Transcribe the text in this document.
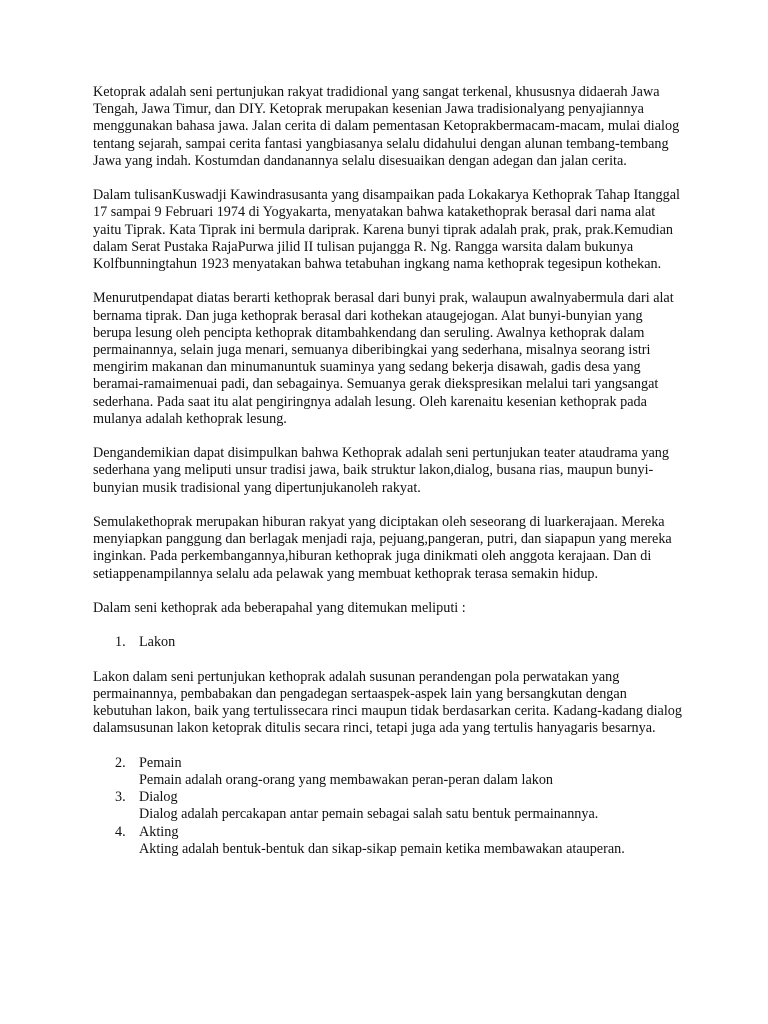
Ketoprak adalah seni pertunjukan rakyat tradidional yang sangat terkenal, khususnya didaerah Jawa Tengah, Jawa Timur, dan DIY. Ketoprak merupakan kesenian Jawa tradisionalyang penyajiannya menggunakan bahasa jawa. Jalan cerita di dalam pementasan Ketoprakbermacam-macam, mulai dialog tentang sejarah, sampai cerita fantasi yangbiasanya selalu didahului dengan alunan tembang-tembang Jawa yang indah. Kostumdan dandanannya selalu disesuaikan dengan adegan dan jalan cerita.

Dalam tulisanKuswadji Kawindrasusanta yang disampaikan pada Lokakarya Kethoprak Tahap Itanggal 17 sampai 9 Februari 1974 di Yogyakarta, menyatakan bahwa katakethoprak berasal dari nama alat yaitu Tiprak. Kata Tiprak ini bermula dariprak. Karena bunyi tiprak adalah prak, prak, prak.Kemudian dalam Serat Pustaka RajaPurwa jilid II tulisan pujangga R. Ng. Rangga warsita dalam bukunya Kolfbunningtahun 1923 menyatakan bahwa tetabuhan ingkang nama kethoprak tegesipun kothekan.

Menurutpendapat diatas berarti kethoprak berasal dari bunyi prak, walaupun awalnyabermula dari alat bernama tiprak. Dan juga kethoprak berasal dari kothekan ataugejogan. Alat bunyi-bunyian yang berupa lesung oleh pencipta kethoprak ditambahkendang dan seruling. Awalnya kethoprak dalam permainannya, selain juga menari, semuanya diberibingkai yang sederhana, misalnya seorang istri mengirim makanan dan minumanuntuk suaminya yang sedang bekerja disawah, gadis desa yang beramai-ramaimenuai padi, dan sebagainya. Semuanya gerak diekspresikan melalui tari yangsangat sederhana. Pada saat itu alat pengiringnya adalah lesung. Oleh karenaitu kesenian kethoprak pada mulanya adalah kethoprak lesung.

Dengandemikian dapat disimpulkan bahwa Kethoprak adalah seni pertunjukan teater ataudrama yang sederhana yang meliputi unsur tradisi jawa, baik struktur lakon,dialog, busana rias, maupun bunyi-bunyian musik tradisional yang dipertunjukanoleh rakyat.

Semulakethoprak merupakan hiburan rakyat yang diciptakan oleh seseorang di luarkerajaan. Mereka menyiapkan panggung dan berlagak menjadi raja, pejuang,pangeran, putri, dan siapapun yang mereka inginkan. Pada perkembangannya,hiburan kethoprak juga dinikmati oleh anggota kerajaan. Dan di setiappenampilannya selalu ada pelawak yang membuat kethoprak terasa semakin hidup.

Dalam seni kethoprak ada beberapahal yang ditemukan meliputi :

1. Lakon

Lakon dalam seni pertunjukan kethoprak adalah susunan perandengan pola perwatakan yang permainannya, pembabakan dan pengadegan sertaaspek-aspek lain yang bersangkutan dengan kebutuhan lakon, baik yang tertulissecara rinci maupun tidak berdasarkan cerita. Kadang-kadang dialog dalamsusunan lakon ketoprak ditulis secara rinci, tetapi juga ada yang tertulis hanyagaris besarnya.

2. Pemain
Pemain adalah orang-orang yang membawakan peran-peran dalam lakon
3. Dialog
Dialog adalah percakapan antar pemain sebagai salah satu bentuk permainannya.
4. Akting
Akting adalah bentuk-bentuk dan sikap-sikap pemain ketika membawakan atauperan.
